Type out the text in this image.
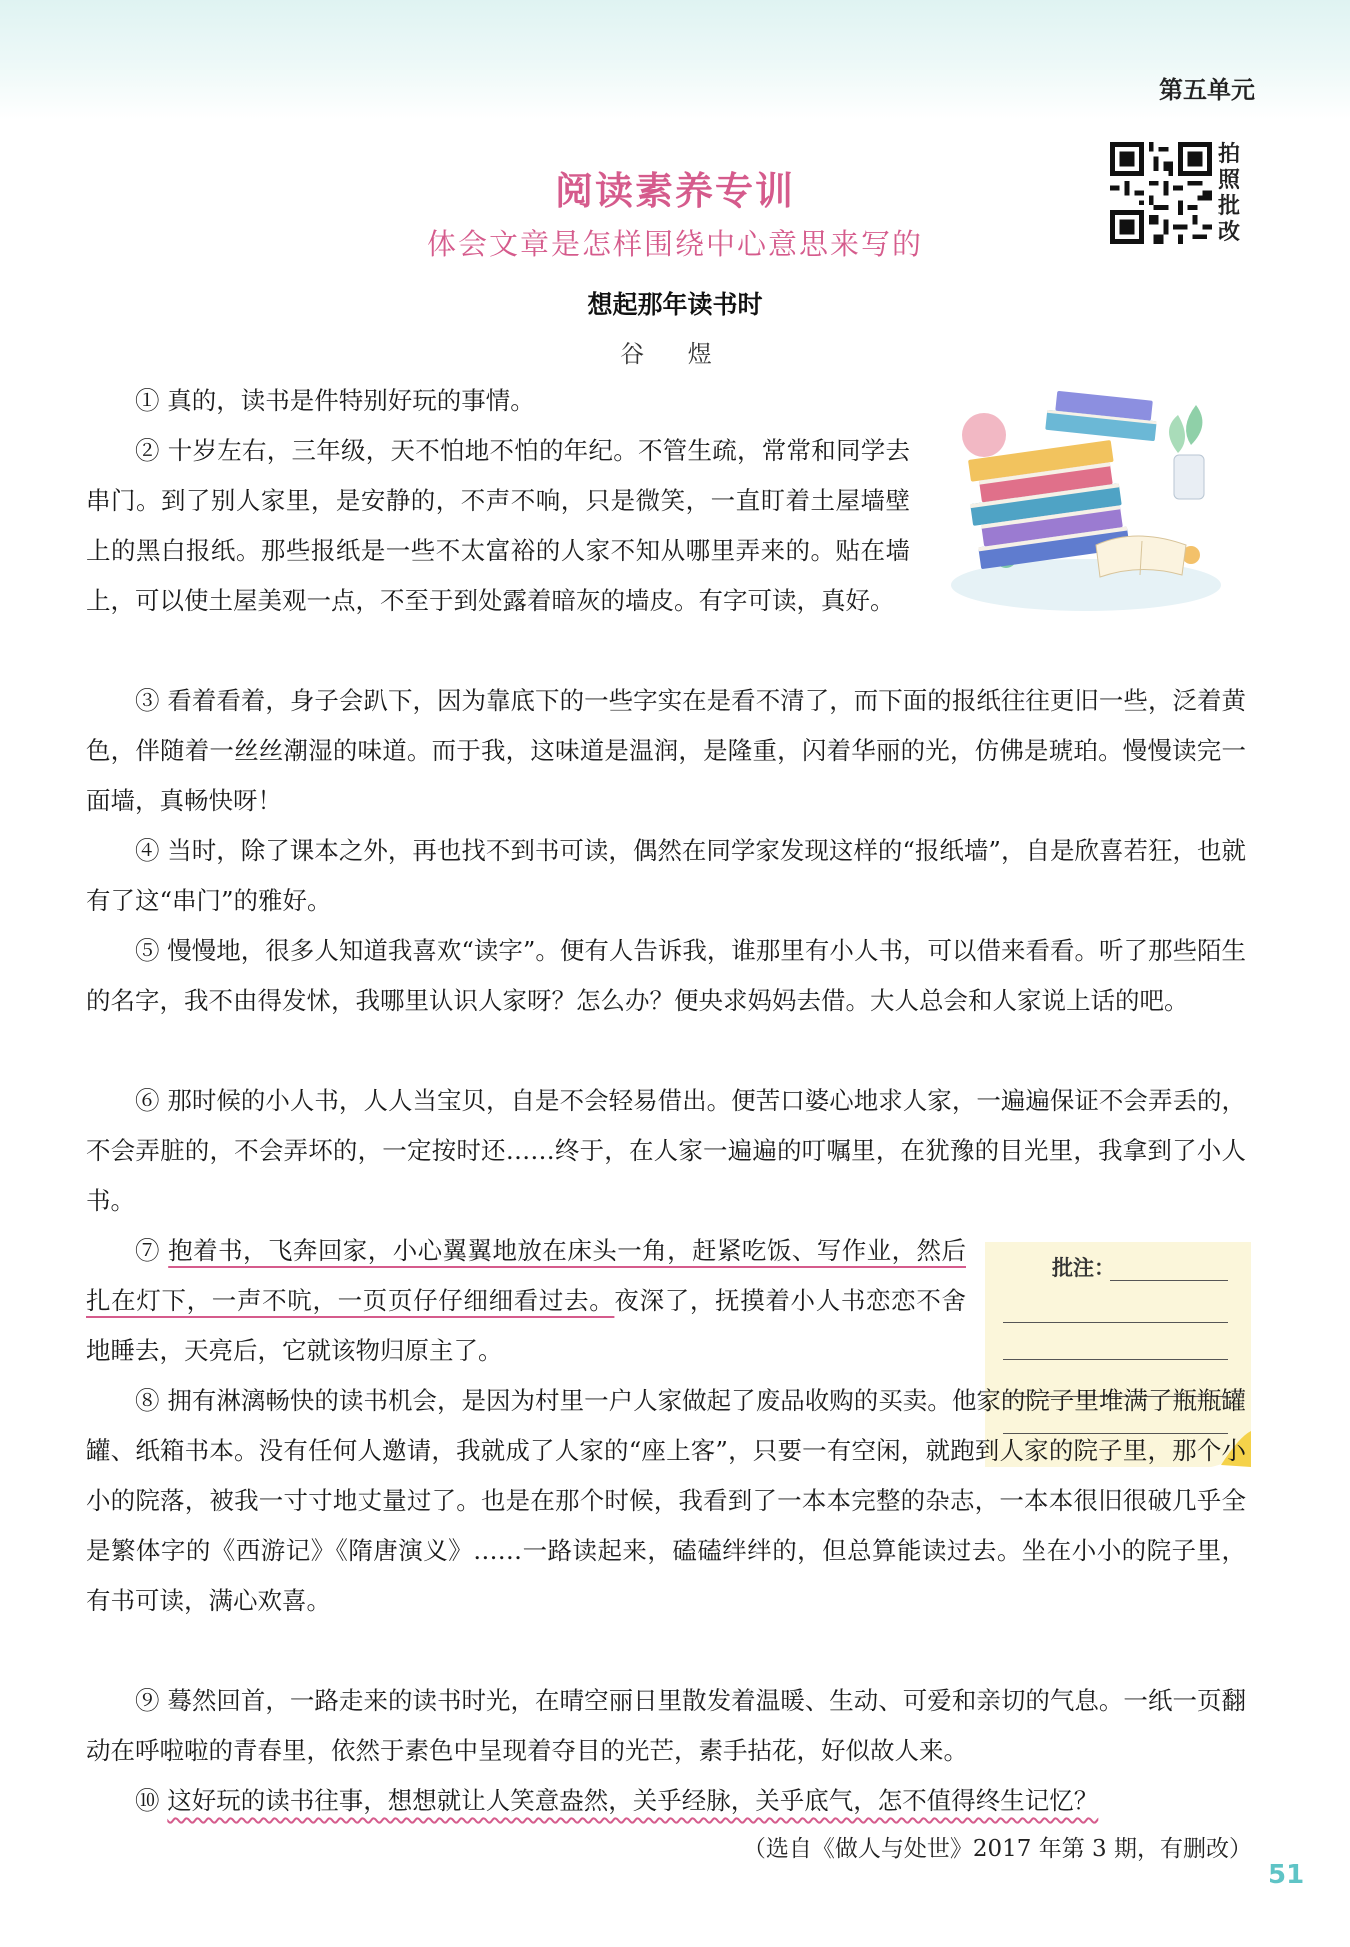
第五单元
拍照批改
阅读素养专训
体会文章是怎样围绕中心意思来写的
想起那年读书时
谷 煜

① 真的，读书是件特别好玩的事情。

② 十岁左右，三年级，天不怕地不怕的年纪。不管生疏，常常和同学去串门。到了别人家里，是安静的，不声不响，只是微笑，一直盯着土屋墙壁上的黑白报纸。那些报纸是一些不太富裕的人家不知从哪里弄来的。贴在墙上，可以使土屋美观一点，不至于到处露着暗灰的墙皮。有字可读，真好。

③ 看着看着，身子会趴下，因为靠底下的一些字实在是看不清了，而下面的报纸往往更旧一些，泛着黄色，伴随着一丝丝潮湿的味道。而于我，这味道是温润，是隆重，闪着华丽的光，仿佛是琥珀。慢慢读完一面墙，真畅快呀！

④ 当时，除了课本之外，再也找不到书可读，偶然在同学家发现这样的“报纸墙”，自是欣喜若狂，也就有了这“串门”的雅好。

⑤ 慢慢地，很多人知道我喜欢“读字”。便有人告诉我，谁那里有小人书，可以借来看看。听了那些陌生的名字，我不由得发怵，我哪里认识人家呀？怎么办？便央求妈妈去借。大人总会和人家说上话的吧。

⑥ 那时候的小人书，人人当宝贝，自是不会轻易借出。便苦口婆心地求人家，一遍遍保证不会弄丢的，不会弄脏的，不会弄坏的，一定按时还……终于，在人家一遍遍的叮嘱里，在犹豫的目光里，我拿到了小人书。

⑦ 抱着书，飞奔回家，小心翼翼地放在床头一角，赶紧吃饭、写作业，然后扎在灯下，一声不吭，一页页仔仔细细看过去。夜深了，抚摸着小人书恋恋不舍地睡去，天亮后，它就该物归原主了。

批注：

⑧ 拥有淋漓畅快的读书机会，是因为村里一户人家做起了废品收购的买卖。他家的院子里堆满了瓶瓶罐罐、纸箱书本。没有任何人邀请，我就成了人家的“座上客”，只要一有空闲，就跑到人家的院子里，那个小小的院落，被我一寸寸地丈量过了。也是在那个时候，我看到了一本本完整的杂志，一本本很旧很破几乎全是繁体字的《西游记》《隋唐演义》……一路读起来，磕磕绊绊的，但总算能读过去。坐在小小的院子里，有书可读，满心欢喜。

⑨ 蓦然回首，一路走来的读书时光，在晴空丽日里散发着温暖、生动、可爱和亲切的气息。一纸一页翻动在呼啦啦的青春里，依然于素色中呈现着夺目的光芒，素手拈花，好似故人来。

⑩ 这好玩的读书往事，想想就让人笑意盎然，关乎经脉，关乎底气，怎不值得终生记忆？

（选自《做人与处世》2017 年第 3 期，有删改）
51
